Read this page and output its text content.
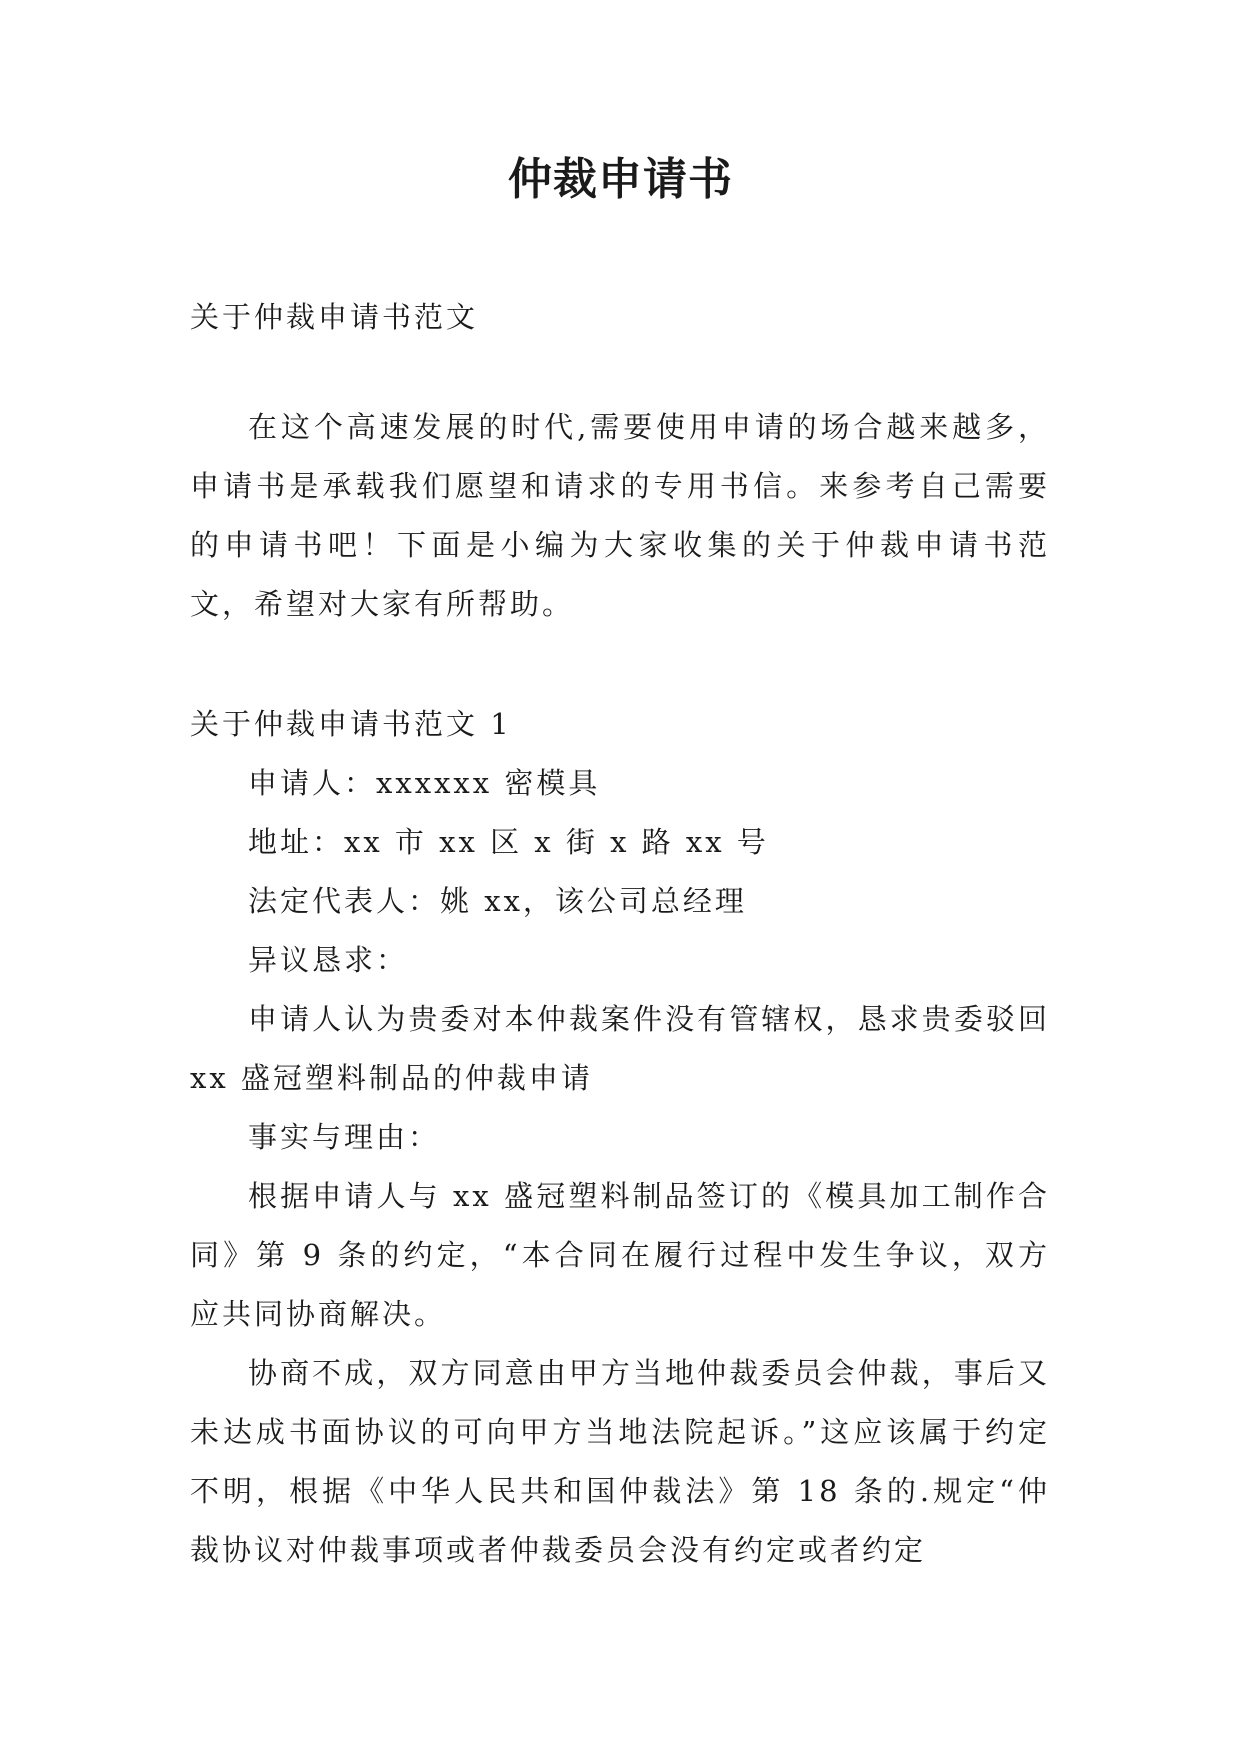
仲裁申请书

关于仲裁申请书范文

在这个高速发展的时代,需要使用申请的场合越来越多，申请书是承载我们愿望和请求的专用书信。来参考自己需要的申请书吧！下面是小编为大家收集的关于仲裁申请书范文，希望对大家有所帮助。

关于仲裁申请书范文 1

申请人：xxxxxx 密模具

地址：xx 市 xx 区 x 街 x 路 xx 号

法定代表人：姚 xx，该公司总经理

异议恳求：

申请人认为贵委对本仲裁案件没有管辖权，恳求贵委驳回 xx 盛冠塑料制品的仲裁申请

事实与理由：

根据申请人与 xx 盛冠塑料制品签订的《模具加工制作合同》第 9 条的约定，“本合同在履行过程中发生争议，双方应共同协商解决。

协商不成，双方同意由甲方当地仲裁委员会仲裁，事后又未达成书面协议的可向甲方当地法院起诉。”这应该属于约定不明，根据《中华人民共和国仲裁法》第 18 条的.规定“仲裁协议对仲裁事项或者仲裁委员会没有约定或者约定
